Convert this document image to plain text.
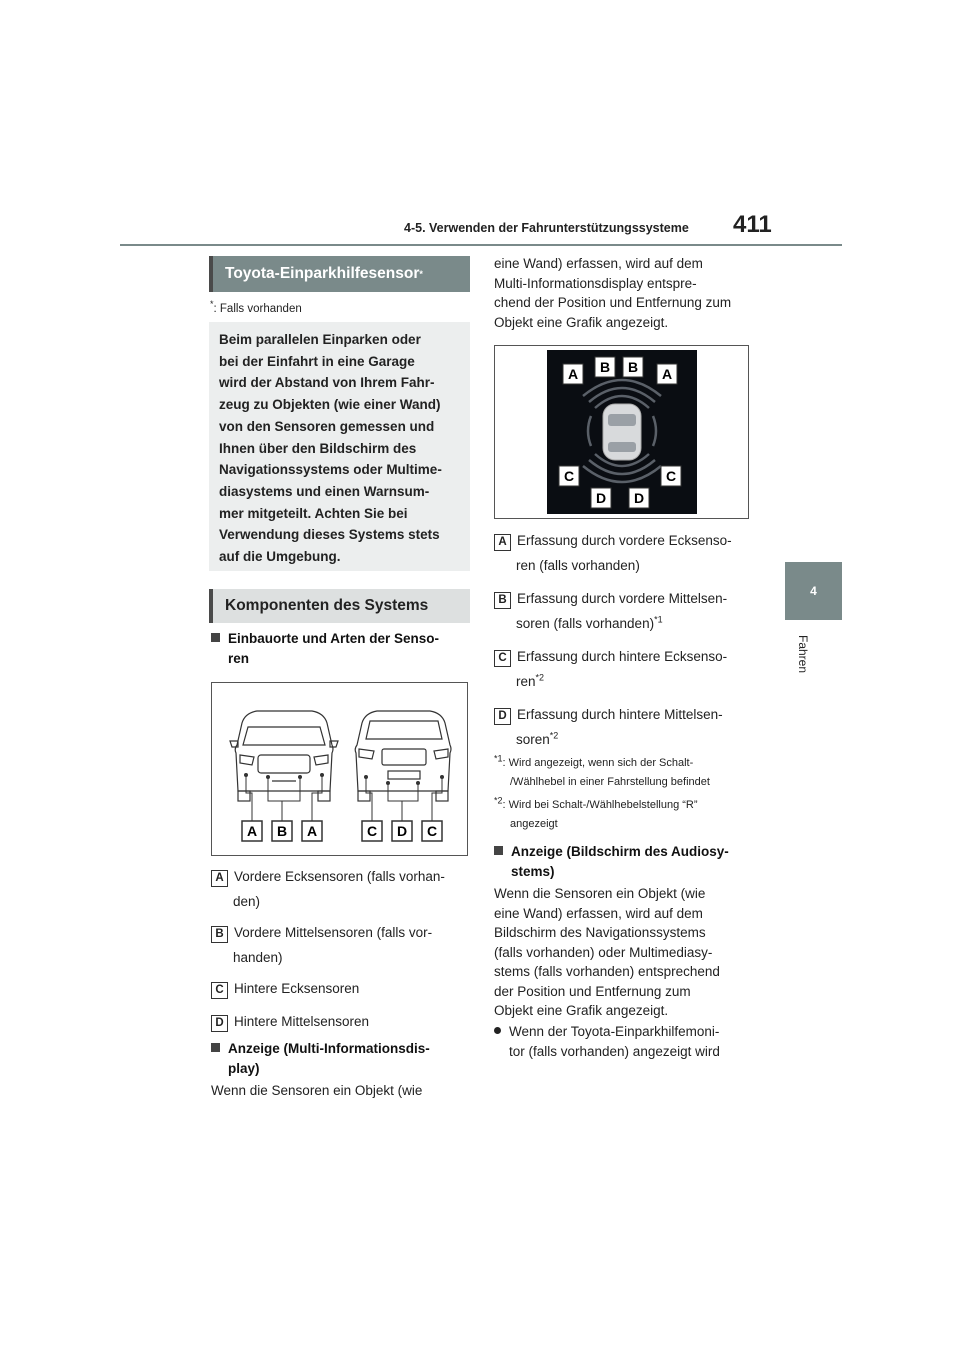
4-5. Verwenden der Fahrunterstützungssysteme 411
4
Fahren
Toyota-Einparkhilfesensor *
*: Falls vorhanden
Beim parallelen Einparken oder
bei der Einfahrt in eine Garage
wird der Abstand von Ihrem Fahr-
zeug zu Objekten (wie einer Wand)
von den Sensoren gemessen und
Ihnen über den Bildschirm des
Navigationssystems oder Multime-
diasystems und einen Warnsum-
mer mitgeteilt. Achten Sie bei
Verwendung dieses Systems stets
auf die Umgebung.
Komponenten des Systems
Einbauorte und Arten der Senso-
ren
A B A	C D C
A Vordere Ecksensoren (falls vorhan-
den)
B Vordere Mittelsensoren (falls vor-
handen)
C Hintere Ecksensoren
D Hintere Mittelsensoren
Anzeige (Multi-Informationsdis-
play)
Wenn die Sensoren ein Objekt (wie
eine Wand) erfassen, wird auf dem
Multi-Informationsdisplay entspre-
chend der Position und Entfernung zum
Objekt eine Grafik angezeigt.
A B B A
C	C
D D
A Erfassung durch vordere Ecksenso-
ren (falls vorhanden)
B Erfassung durch vordere Mittelsen-
soren (falls vorhanden)$^{*1}$
C Erfassung durch hintere Ecksenso-
ren$^{*2}$
D Erfassung durch hintere Mittelsen-
soren$^{*2}$
$^{*1}$: Wird angezeigt, wenn sich der Schalt-
/Wählhebel in einer Fahrstellung befindet
$^{*2}$: Wird bei Schalt-/Wählhebelstellung “R”
angezeigt
Anzeige (Bildschirm des Audiosy-
stems)
Wenn die Sensoren ein Objekt (wie
eine Wand) erfassen, wird auf dem
Bildschirm des Navigationssystems
(falls vorhanden) oder Multimediasy-
stems (falls vorhanden) entsprechend
der Position und Entfernung zum
Objekt eine Grafik angezeigt.
Wenn der Toyota-Einparkhilfemoni-
tor (falls vorhanden) angezeigt wird
